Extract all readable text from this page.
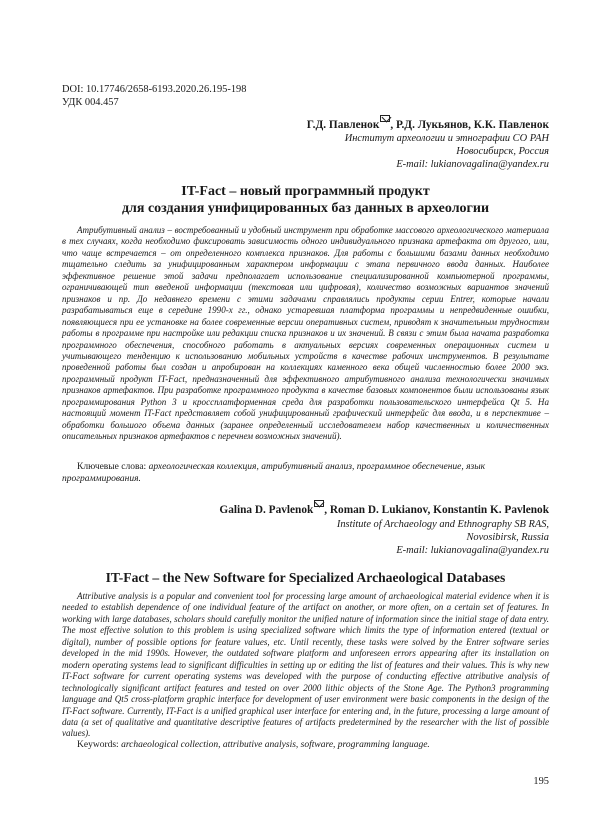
DOI: 10.17746/2658-6193.2020.26.195-198
УДК 004.457
Г.Д. Павленок , Р.Д. Лукьянов, К.К. Павленок
Институт археологии и этнографии СО РАН
Новосибирск, Россия
E-mail: lukianovagalina@yandex.ru
IT-Fact – новый программный продукт
для создания унифицированных баз данных в археологии

Атрибутивный анализ – востребованный и удобный инструмент при обработке массового археологического материала в тех случаях, когда необходимо фиксировать зависимость одного индивидуального признака артефакта от другого, или, что чаще встречается – от определенного комплекса признаков. Для работы с большими базами данных необходимо тщательно следить за унифицированным характером информации с этапа первичного ввода данных. Наиболее эффективное решение этой задачи предполагает использование специализированной компьютерной программы, ограничивающей тип введеной информации (текстовая или цифровая), количество возможных вариантов значений признаков и пр. До недавнего времени с этими задачами справлялись продукты серии Entrer, которые начали разрабатываться еще в середине 1990-х гг., однако устаревшая платформа программы и непредвиденные ошибки, появляющиеся при ее установке на более современные версии оперативных систем, приводят к значительным трудностям работы в программе при настройке или редакции списка признаков и их значений. В связи с этим была начата разработка программного обеспечения, способного работать в актуальных версиях современных операционных систем и учитывающего тенденцию к использованию мобильных устройств в качестве рабочих инструментов. В результате проведенной работы был создан и апробирован на коллекциях каменного века общей численностью более 2000 экз. программный продукт IT-Fact, предназначенный для эффективного атрибутивного анализа технологически значимых признаков артефактов. При разработке программного продукта в качестве базовых компонентов были использованы язык программирования Python 3 и кроссплатформенная среда для разработки пользовательского интерфейса Qt 5. На настоящий момент IT-Fact представляет собой унифицированный графический интерфейс для ввода, и в перспективе – обработки большого объема данных (заранее определенный исследователем набор качественных и количественных описательных признаков артефактов с перечнем возможных значений).

Ключевые слова: археологическая коллекция, атрибутивный анализ, программное обеспечение, язык программирования.

Galina D. Pavlenok , Roman D. Lukianov, Konstantin K. Pavlenok
Institute of Archaeology and Ethnography SB RAS,
Novosibirsk, Russia
E-mail: lukianovagalina@yandex.ru
IT-Fact – the New Software for Specialized Archaeological Databases

Attributive analysis is a popular and convenient tool for processing large amount of archaeological material evidence when it is needed to establish dependence of one individual feature of the artifact on another, or more often, on a certain set of features. In working with large databases, scholars should carefully monitor the unified nature of information since the initial stage of data entry. The most effective solution to this problem is using specialized software which limits the type of information entered (textual or digital), number of possible options for feature values, etc. Until recently, these tasks were solved by the Entrer software series developed in the mid 1990s. However, the outdated software platform and unforeseen errors appearing after its installation on modern operating systems lead to significant difficulties in setting up or editing the list of features and their values. This is why new IT-Fact software for current operating systems was developed with the purpose of conducting effective attributive analysis of technologically significant artifact features and tested on over 2000 lithic objects of the Stone Age. The Python3 programming language and Qt5 cross-platform graphic interface for development of user environment were basic components in the design of the IT-Fact software. Currently, IT-Fact is a unified graphical user interface for entering and, in the future, processing a large amount of data (a set of qualitative and quantitative descriptive features of artifacts predetermined by the researcher with the list of possible values).

Keywords: archaeological collection, attributive analysis, software, programming language.

195
